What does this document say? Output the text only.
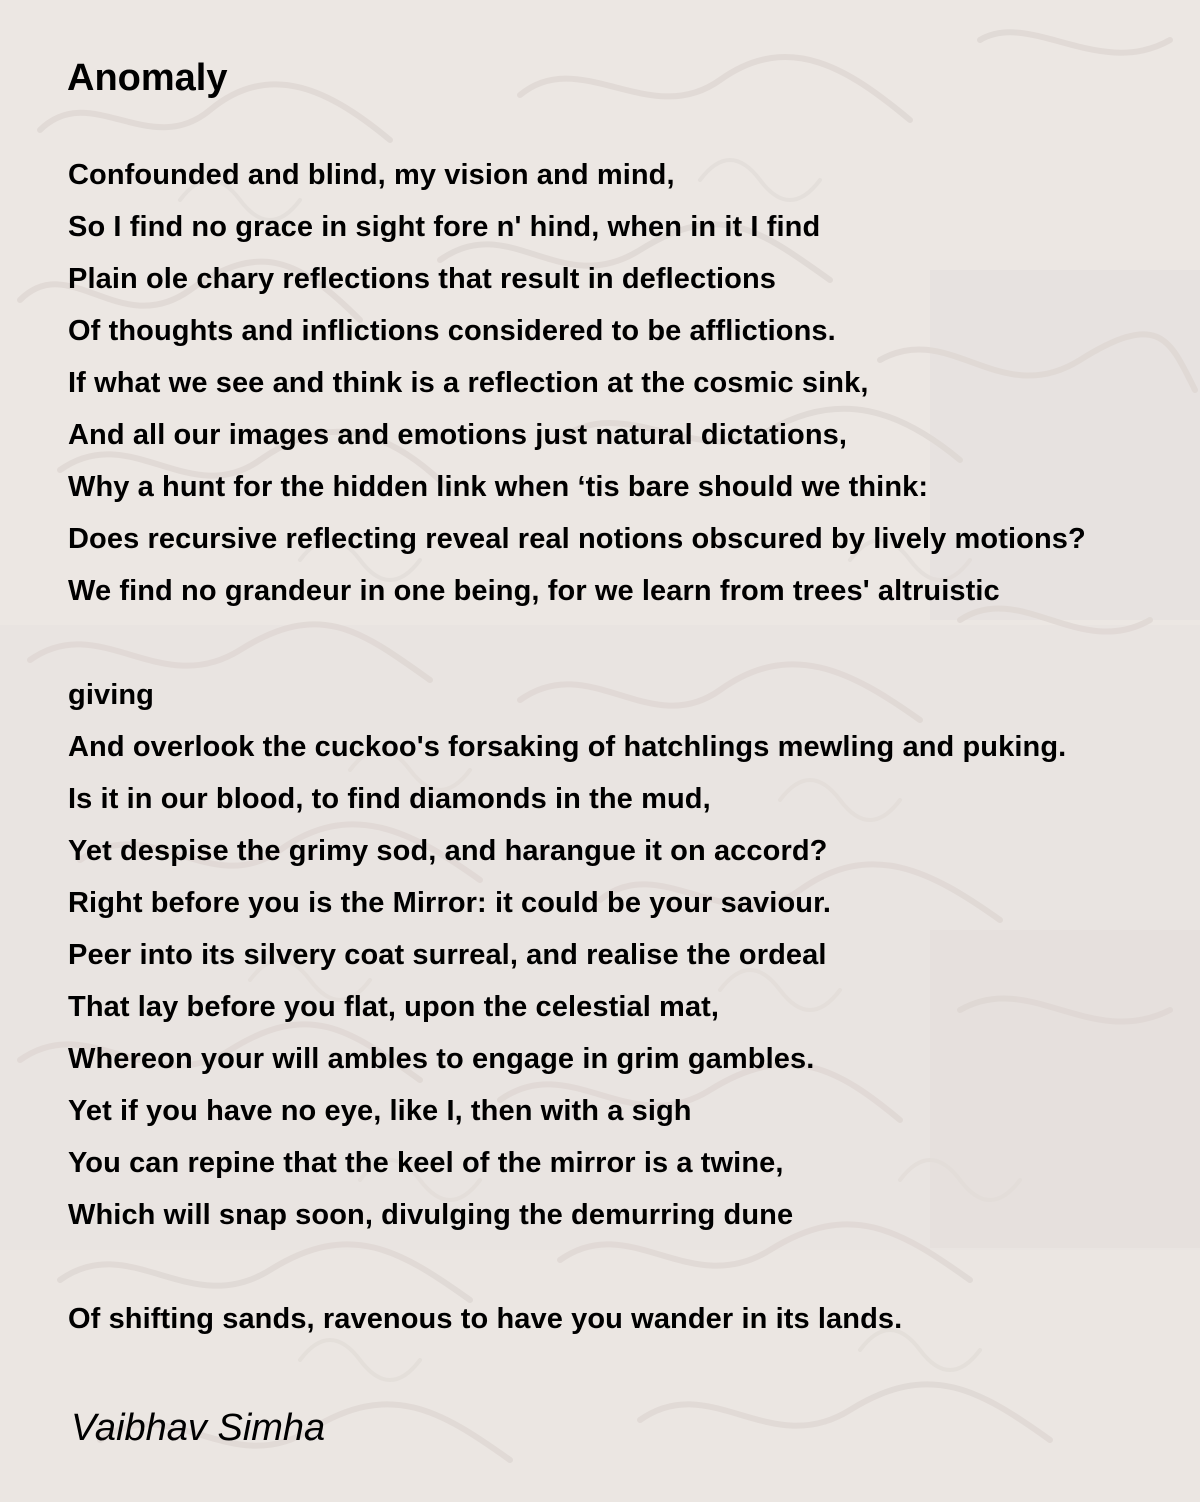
Anomaly
Confounded and blind, my vision and mind,
So I find no grace in sight fore n' hind, when in it I find
Plain ole chary reflections that result in deflections
Of thoughts and inflictions considered to be afflictions.
If what we see and think is a reflection at the cosmic sink,
And all our images and emotions just natural dictations,
Why a hunt for the hidden link when ‘tis bare should we think:
Does recursive reflecting reveal real notions obscured by lively motions?
We find no grandeur in one being, for we learn from trees' altruistic
giving
And overlook the cuckoo's forsaking of hatchlings mewling and puking.
Is it in our blood, to find diamonds in the mud,
Yet despise the grimy sod, and harangue it on accord?
Right before you is the Mirror: it could be your saviour.
Peer into its silvery coat surreal, and realise the ordeal
That lay before you flat, upon the celestial mat,
Whereon your will ambles to engage in grim gambles.
Yet if you have no eye, like I, then with a sigh
You can repine that the keel of the mirror is a twine,
Which will snap soon, divulging the demurring dune
Of shifting sands, ravenous to have you wander in its lands.
Vaibhav Simha
